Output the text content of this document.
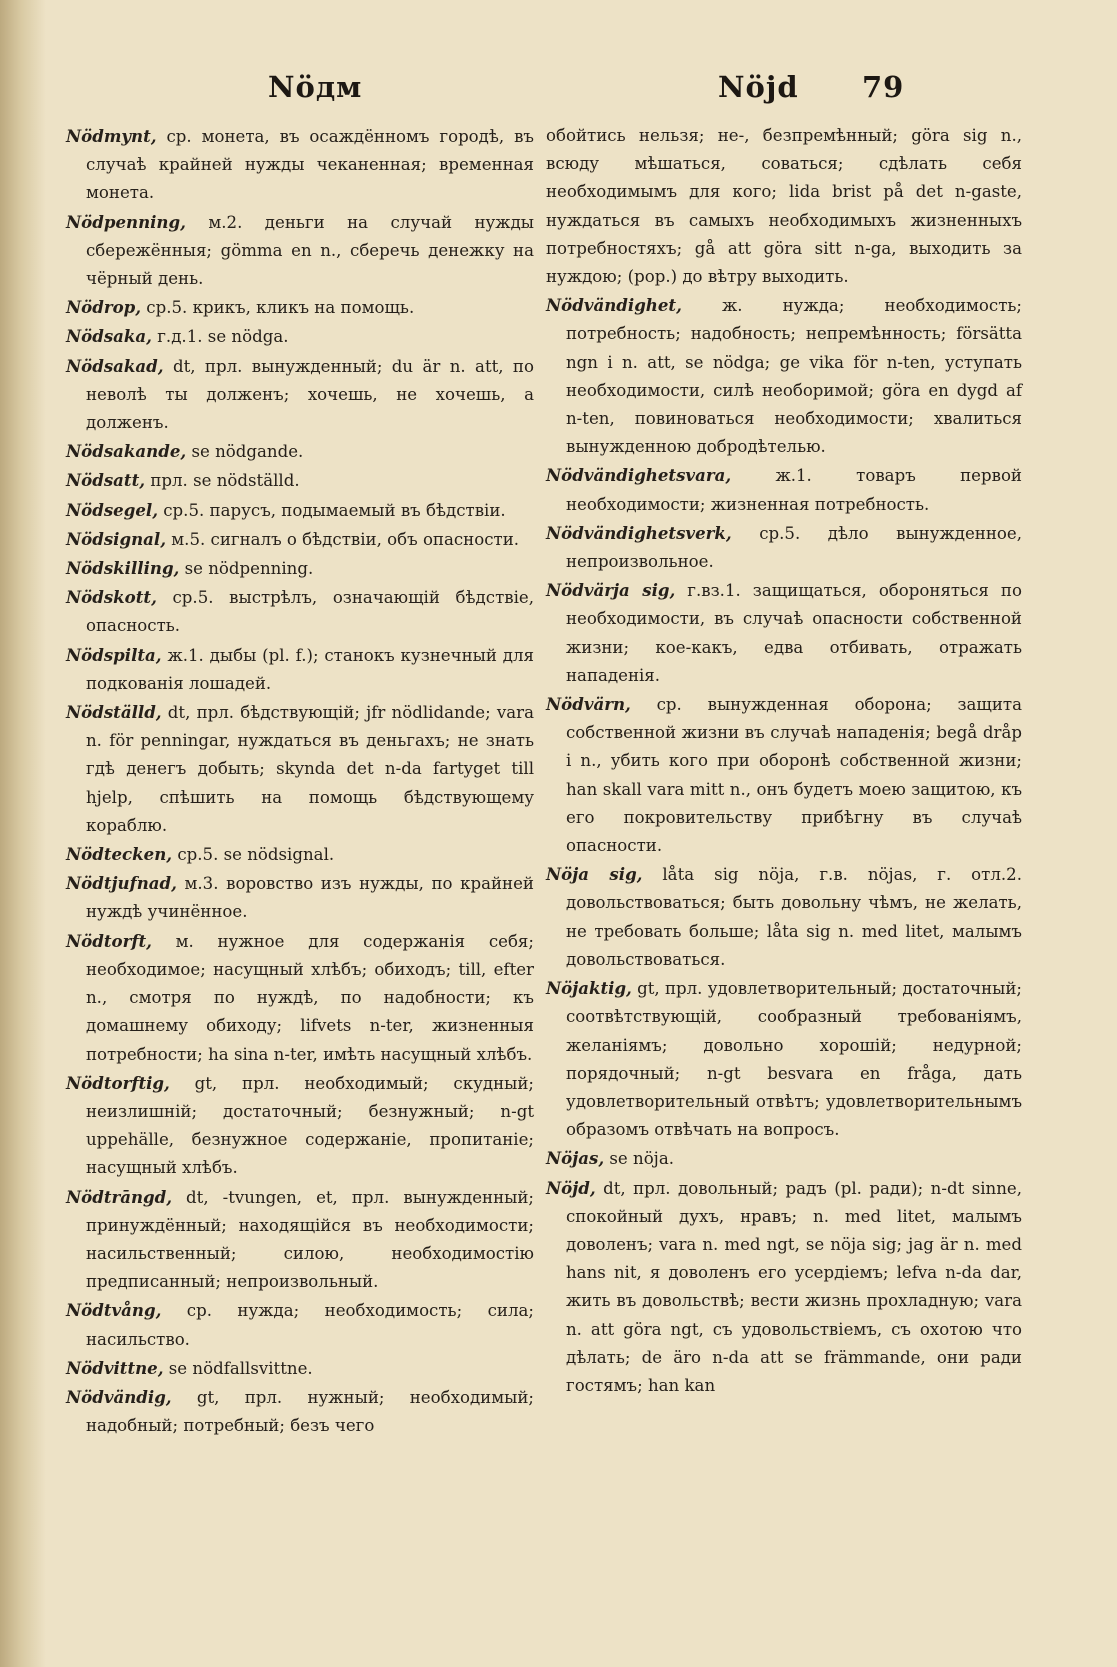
Nöдм	Nöjd 79

Nödmynt, ср. монета, въ осаждённомъ городѣ, въ случаѣ крайней нужды чеканенная; временная монета.

Nödpenning, м.2. деньги на случай нужды сбережённыя; gömma en n., сберечь денежку на чёрный день.

Nödrop, ср.5. крикъ, кликъ на помощь.

Nödsaka, г.д.1. se nödga.

Nödsakad, dt, прл. вынужденный; du är n. att, по неволѣ ты долженъ; хочешь, не хочешь, а долженъ.

Nödsakande, se nödgande.

Nödsatt, прл. se nödställd.

Nödsegel, ср.5. парусъ, подымаемый въ бѣдствіи.

Nödsignal, м.5. сигналъ о бѣдствіи, объ опасности.

Nödskilling, se nödpenning.

Nödskott, ср.5. выстрѣлъ, означающій бѣдствіе, опасность.

Nödspilta, ж.1. дыбы (pl. f.); станокъ кузнечный для подкованія лошадей.

Nödställd, dt, прл. бѣдствующій; jfr nödlidande; vara n. för penningar, нуждаться въ деньгахъ; не знать гдѣ денегъ добыть; skynda det n-da fartyget till hjelp, спѣшить на помощь бѣдствующему кораблю.

Nödtecken, ср.5. se nödsignal.

Nödtjufnad, м.3. воровство изъ нужды, по крайней нуждѣ учинённое.

Nödtorft, м. нужное для содержанія себя; необходимое; насущный хлѣбъ; обиходъ; till, efter n., смотря по нуждѣ, по надобности; къ домашнему обиходу; lifvets n-ter, жизненныя потребности; ha sina n-ter, имѣть насущный хлѣбъ.

Nödtorftig, gt, прл. необходимый; скудный; неизлишній; достаточный; безнужный; n-gt uppehälle, безнужное содержаніе, пропитаніе; насущный хлѣбъ.

Nödtrāngd, dt, -tvungen, et, прл. вынужденный; принуждённый; находящійся въ необходимости; насильственный; силою, необходимостію предписанный; непроизвольный.

Nödtvång, ср. нужда; необходимость; сила; насильство.

Nödvittne, se nödfallsvittne.

Nödvändig, gt, прл. нужный; необходимый; надобный; потребный; безъ чего

обойтись нельзя; не-, безпремѣнный; göra sig n., всюду мѣшаться, соваться; сдѣлать себя необходимымъ для кого; lida brist på det n-gaste, нуждаться въ самыхъ необходимыхъ жизненныхъ потребностяхъ; gå att göra sitt n-ga, выходить за нуждою; (рор.) до вѣтру выходить.

Nödvändighet, ж. нужда; необходимость; потребность; надобность; непремѣнность; försätta ngn i n. att, se nödga; ge vika för n-ten, уступать необходимости, силѣ необоримой; göra en dygd af n-ten, повиноваться необходимости; хвалиться вынужденною добродѣтелью.

Nödvändighetsvara, ж.1. товаръ первой необходимости; жизненная потребность.

Nödvändighetsverk, ср.5. дѣло вынужденное, непроизвольное.

Nödvärja sig, г.вз.1. защищаться, обороняться по необходимости, въ случаѣ опасности собственной жизни; кое-какъ, едва отбивать, отражать нападенія.

Nödvärn, ср. вынужденная оборона; защита собственной жизни въ случаѣ нападенія; begå dråp i n., убить кого при оборонѣ собственной жизни; han skall vara mitt n., онъ будетъ моею защитою, къ его покровительству прибѣгну въ случаѣ опасности.

Nöja sig, låta sig nöja, г.в. nöjas, г. отл.2. довольствоваться; быть довольну чѣмъ, не желать, не требовать больше; låta sig n. med litet, малымъ довольствоваться.

Nöjaktig, gt, прл. удовлетворительный; достаточный; соотвѣтствующій, сообразный требованіямъ, желаніямъ; довольно хорошій; недурной; порядочный; n-gt besvara en fråga, дать удовлетворительный отвѣтъ; удовлетворительнымъ образомъ отвѣчать на вопросъ.

Nöjas, se nöja.

Nöjd, dt, прл. довольный; радъ (pl. ради); n-dt sinne, спокойный духъ, нравъ; n. med litet, малымъ доволенъ; vara n. med ngt, se nöja sig; jag är n. med hans nit, я доволенъ его усердіемъ; lefva n-da dar, жить въ довольствѣ; вести жизнь прохладную; vara n. att göra ngt, съ удовольствіемъ, съ охотою что дѣлать; de äro n-da att se främmande, они ради гостямъ; han kan
